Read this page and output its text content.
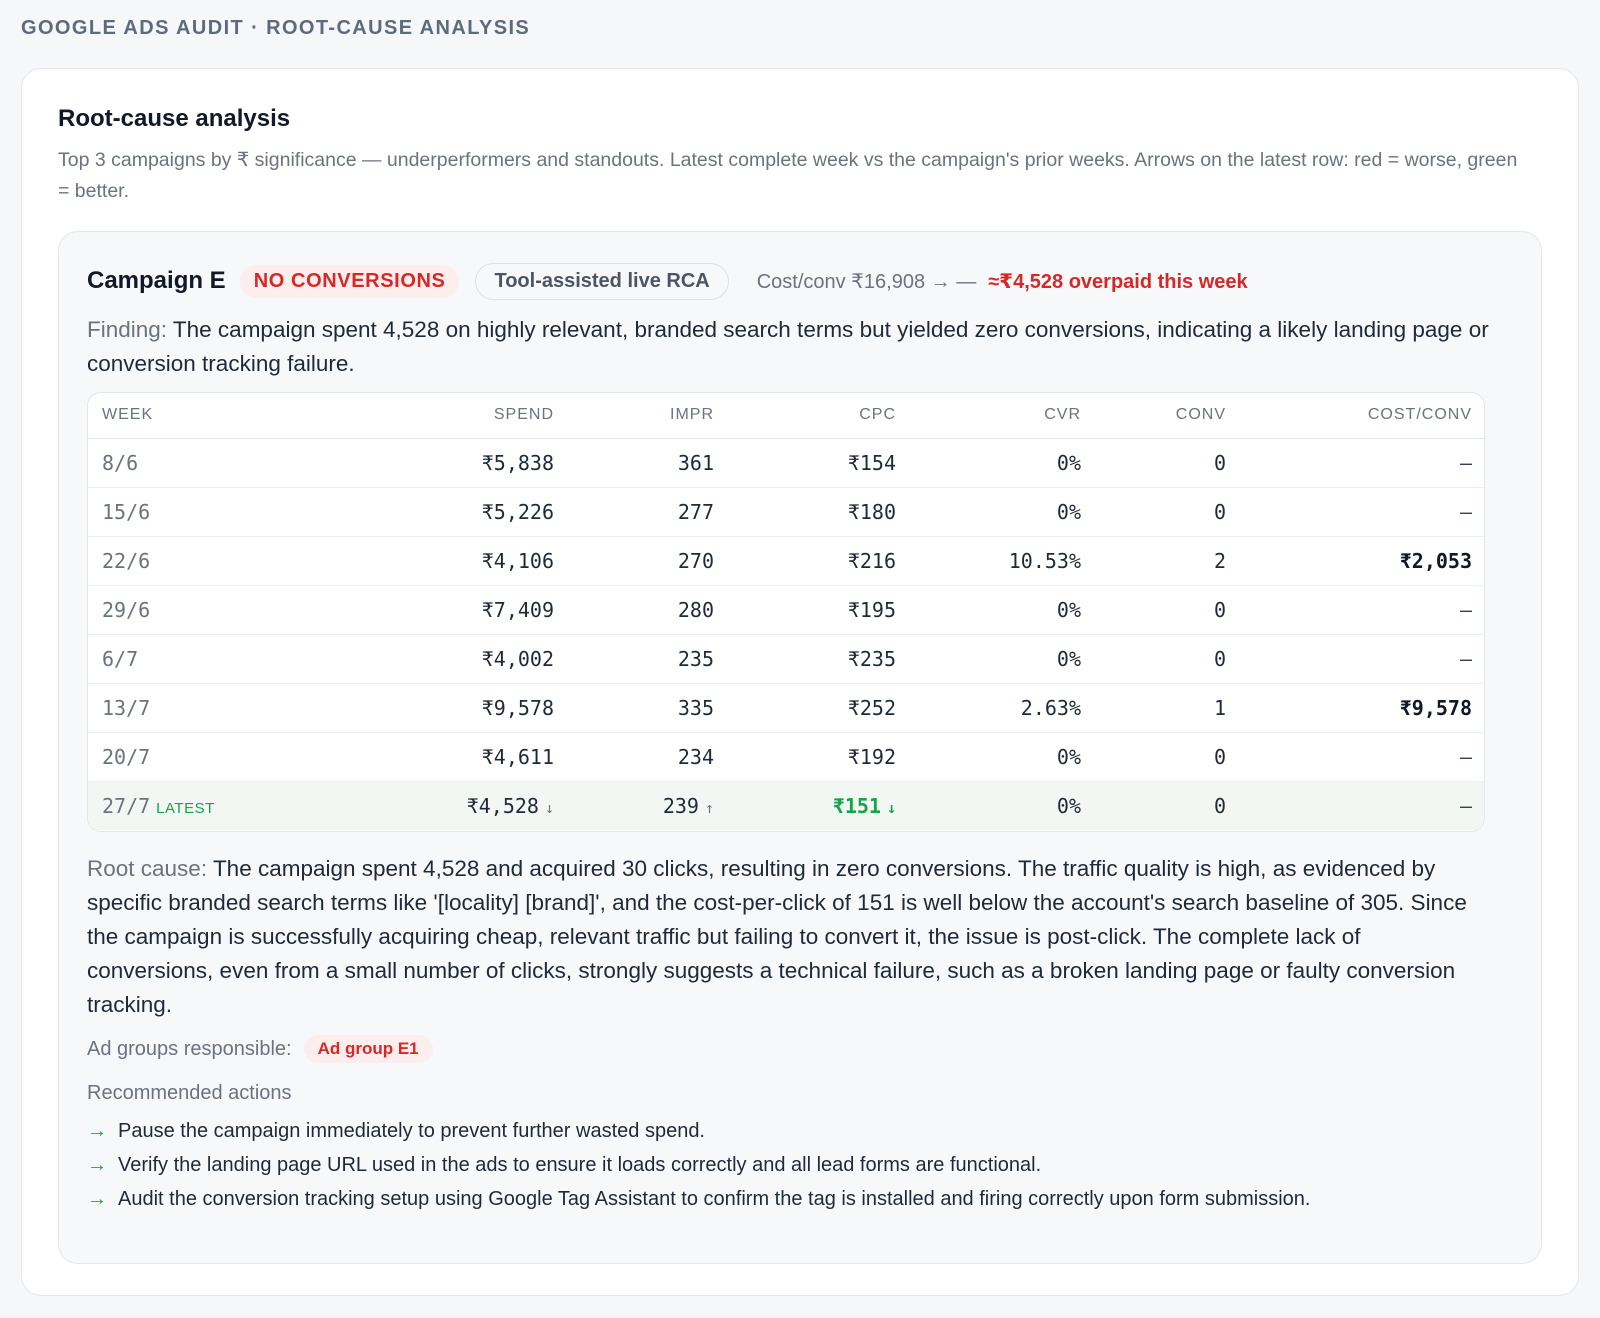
GOOGLE ADS AUDIT · ROOT-CAUSE ANALYSIS
Root-cause analysis
Top 3 campaigns by ₹ significance — underperformers and standouts. Latest complete week vs the campaign's prior weeks. Arrows on the latest row: red = worse, green = better.
Campaign E	NO CONVERSIONS	Tool-assisted live RCA	Cost/conv ₹16,908 → — ≈₹4,528 overpaid this week
Finding: The campaign spent 4,528 on highly relevant, branded search terms but yielded zero conversions, indicating a likely landing page or conversion tracking failure.
WEEK	SPEND	IMPR	CPC	CVR	CONV	COST/CONV
8/6	₹5,838	361	₹154	0%	0	—
15/6	₹5,226	277	₹180	0%	0	—
22/6	₹4,106	270	₹216	10.53%	2	₹2,053
29/6	₹7,409	280	₹195	0%	0	—
6/7	₹4,002	235	₹235	0%	0	—
13/7	₹9,578	335	₹252	2.63%	1	₹9,578
20/7	₹4,611	234	₹192	0%	0	—
27/7 LATEST	₹4,528 ↓	239 ↑	₹151 ↓	0%	0	—
Root cause: The campaign spent 4,528 and acquired 30 clicks, resulting in zero conversions. The traffic quality is high, as evidenced by specific branded search terms like '[locality] [brand]', and the cost-per-click of 151 is well below the account's search baseline of 305. Since the campaign is successfully acquiring cheap, relevant traffic but failing to convert it, the issue is post-click. The complete lack of conversions, even from a small number of clicks, strongly suggests a technical failure, such as a broken landing page or faulty conversion tracking.
Ad groups responsible:	Ad group E1
Recommended actions
→ Pause the campaign immediately to prevent further wasted spend.
→ Verify the landing page URL used in the ads to ensure it loads correctly and all lead forms are functional.
→ Audit the conversion tracking setup using Google Tag Assistant to confirm the tag is installed and firing correctly upon form submission.
